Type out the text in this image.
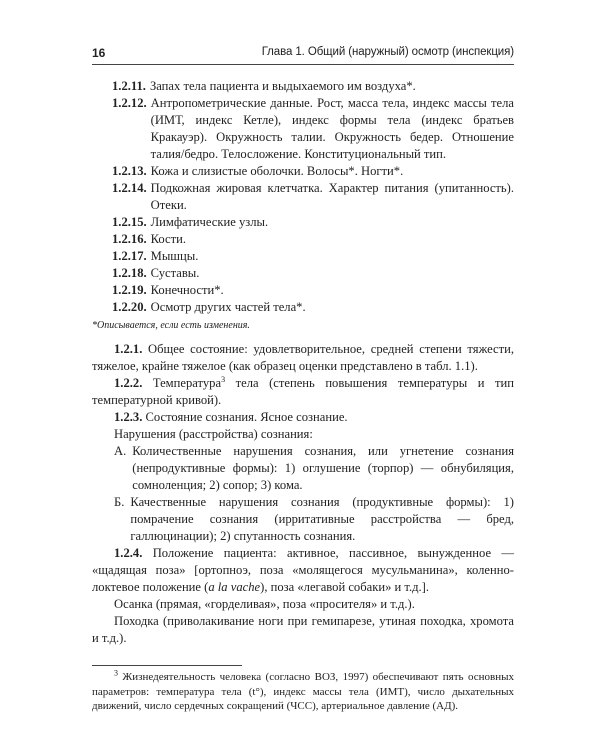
16	Глава 1. Общий (наружный) осмотр (инспекция)
1.2.11. Запах тела пациента и выдыхаемого им воздуха*.
1.2.12. Антропометрические данные. Рост, масса тела, индекс массы тела (ИМТ, индекс Кетле), индекс формы тела (индекс братьев Кракауэр). Окружность талии. Окружность бедер. Отношение талия/бедро. Телосложение. Конституциональный тип.
1.2.13. Кожа и слизистые оболочки. Волосы*. Ногти*.
1.2.14. Подкожная жировая клетчатка. Характер питания (упитанность). Отеки.
1.2.15. Лимфатические узлы.
1.2.16. Кости.
1.2.17. Мышцы.
1.2.18. Суставы.
1.2.19. Конечности*.
1.2.20. Осмотр других частей тела*.
*Описывается, если есть изменения.

1.2.1. Общее состояние: удовлетворительное, средней степени тяжести, тяжелое, крайне тяжелое (как образец оценки представлено в табл. 1.1).

1.2.2. Температура$^3$ тела (степень повышения температуры и тип температурной кривой).

1.2.3. Состояние сознания. Ясное сознание.

Нарушения (расстройства) сознания:

А. Количественные нарушения сознания, или угнетение сознания (непродуктивные формы): 1) оглушение (торпор) — обнубиляция, сомноленция; 2) сопор; 3) кома.
Б. Качественные нарушения сознания (продуктивные формы): 1) помрачение сознания (ирритативные расстройства — бред, галлюцинации); 2) спутанность сознания.

1.2.4. Положение пациента: активное, пассивное, вынужденное — «щадящая поза» [ортопноэ, поза «молящегося мусульманина», коленно-локтевое положение (a la vache), поза «легавой собаки» и т.д.].

Осанка (прямая, «горделивая», поза «просителя» и т.д.).

Походка (приволакивание ноги при гемипарезе, утиная походка, хромота и т.д.).

$^3$ Жизнедеятельность человека (согласно ВОЗ, 1997) обеспечивают пять основных параметров: температура тела (t°), индекс массы тела (ИМТ), число дыхательных движений, число сердечных сокращений (ЧСС), артериальное давление (АД).
